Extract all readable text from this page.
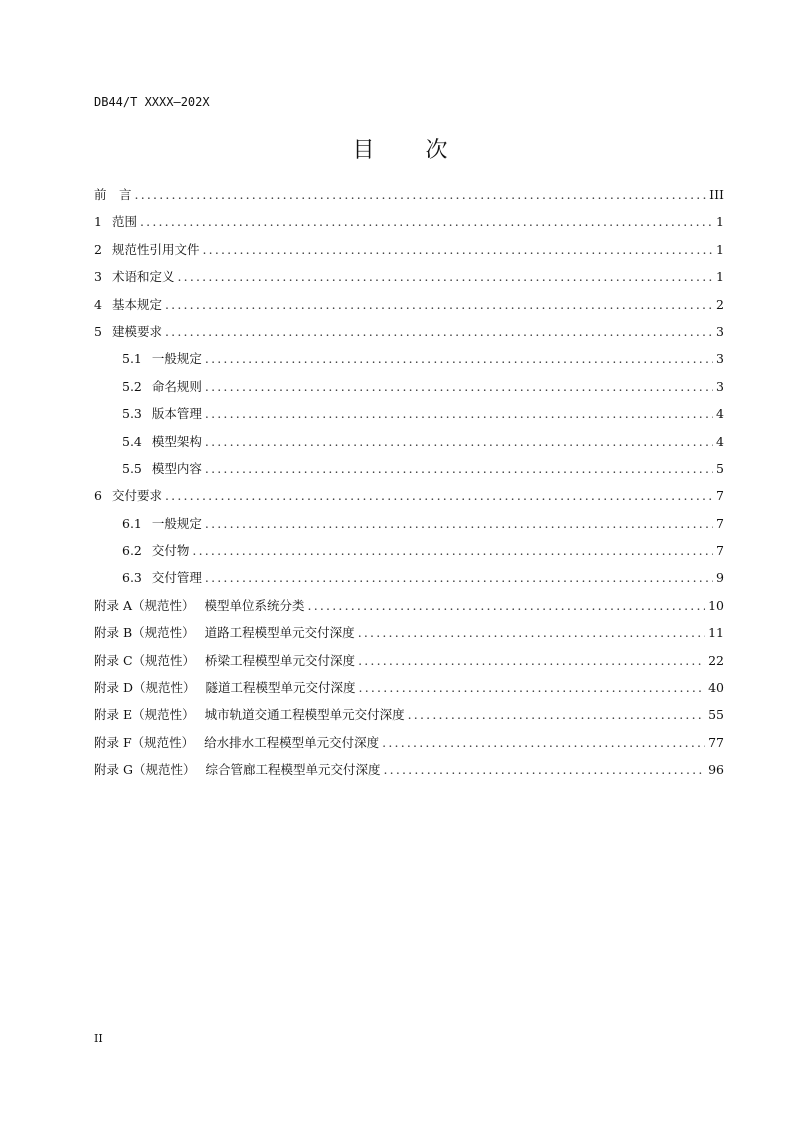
DB44/T XXXX—202X
目 次
前　言 .....	III
1 范围 .....	1
2 规范性引用文件 .....	1
3 术语和定义 .....	1
4 基本规定 .....	2
5 建模要求 .....	3
5.1 一般规定 .....	3
5.2 命名规则 .....	3
5.3 版本管理 .....	4
5.4 模型架构 .....	4
5.5 模型内容 .....	5
6 交付要求 .....	7
6.1 一般规定 .....	7
6.2 交付物 .....	7
6.3 交付管理 .....	9
附录 A（规范性） 模型单位系统分类 .....	10
附录 B（规范性） 道路工程模型单元交付深度 .....	11
附录 C（规范性） 桥梁工程模型单元交付深度 .....	22
附录 D（规范性） 隧道工程模型单元交付深度 .....	40
附录 E（规范性） 城市轨道交通工程模型单元交付深度 .....	55
附录 F（规范性） 给水排水工程模型单元交付深度 .....	77
附录 G（规范性） 综合管廊工程模型单元交付深度 .....	96
II
